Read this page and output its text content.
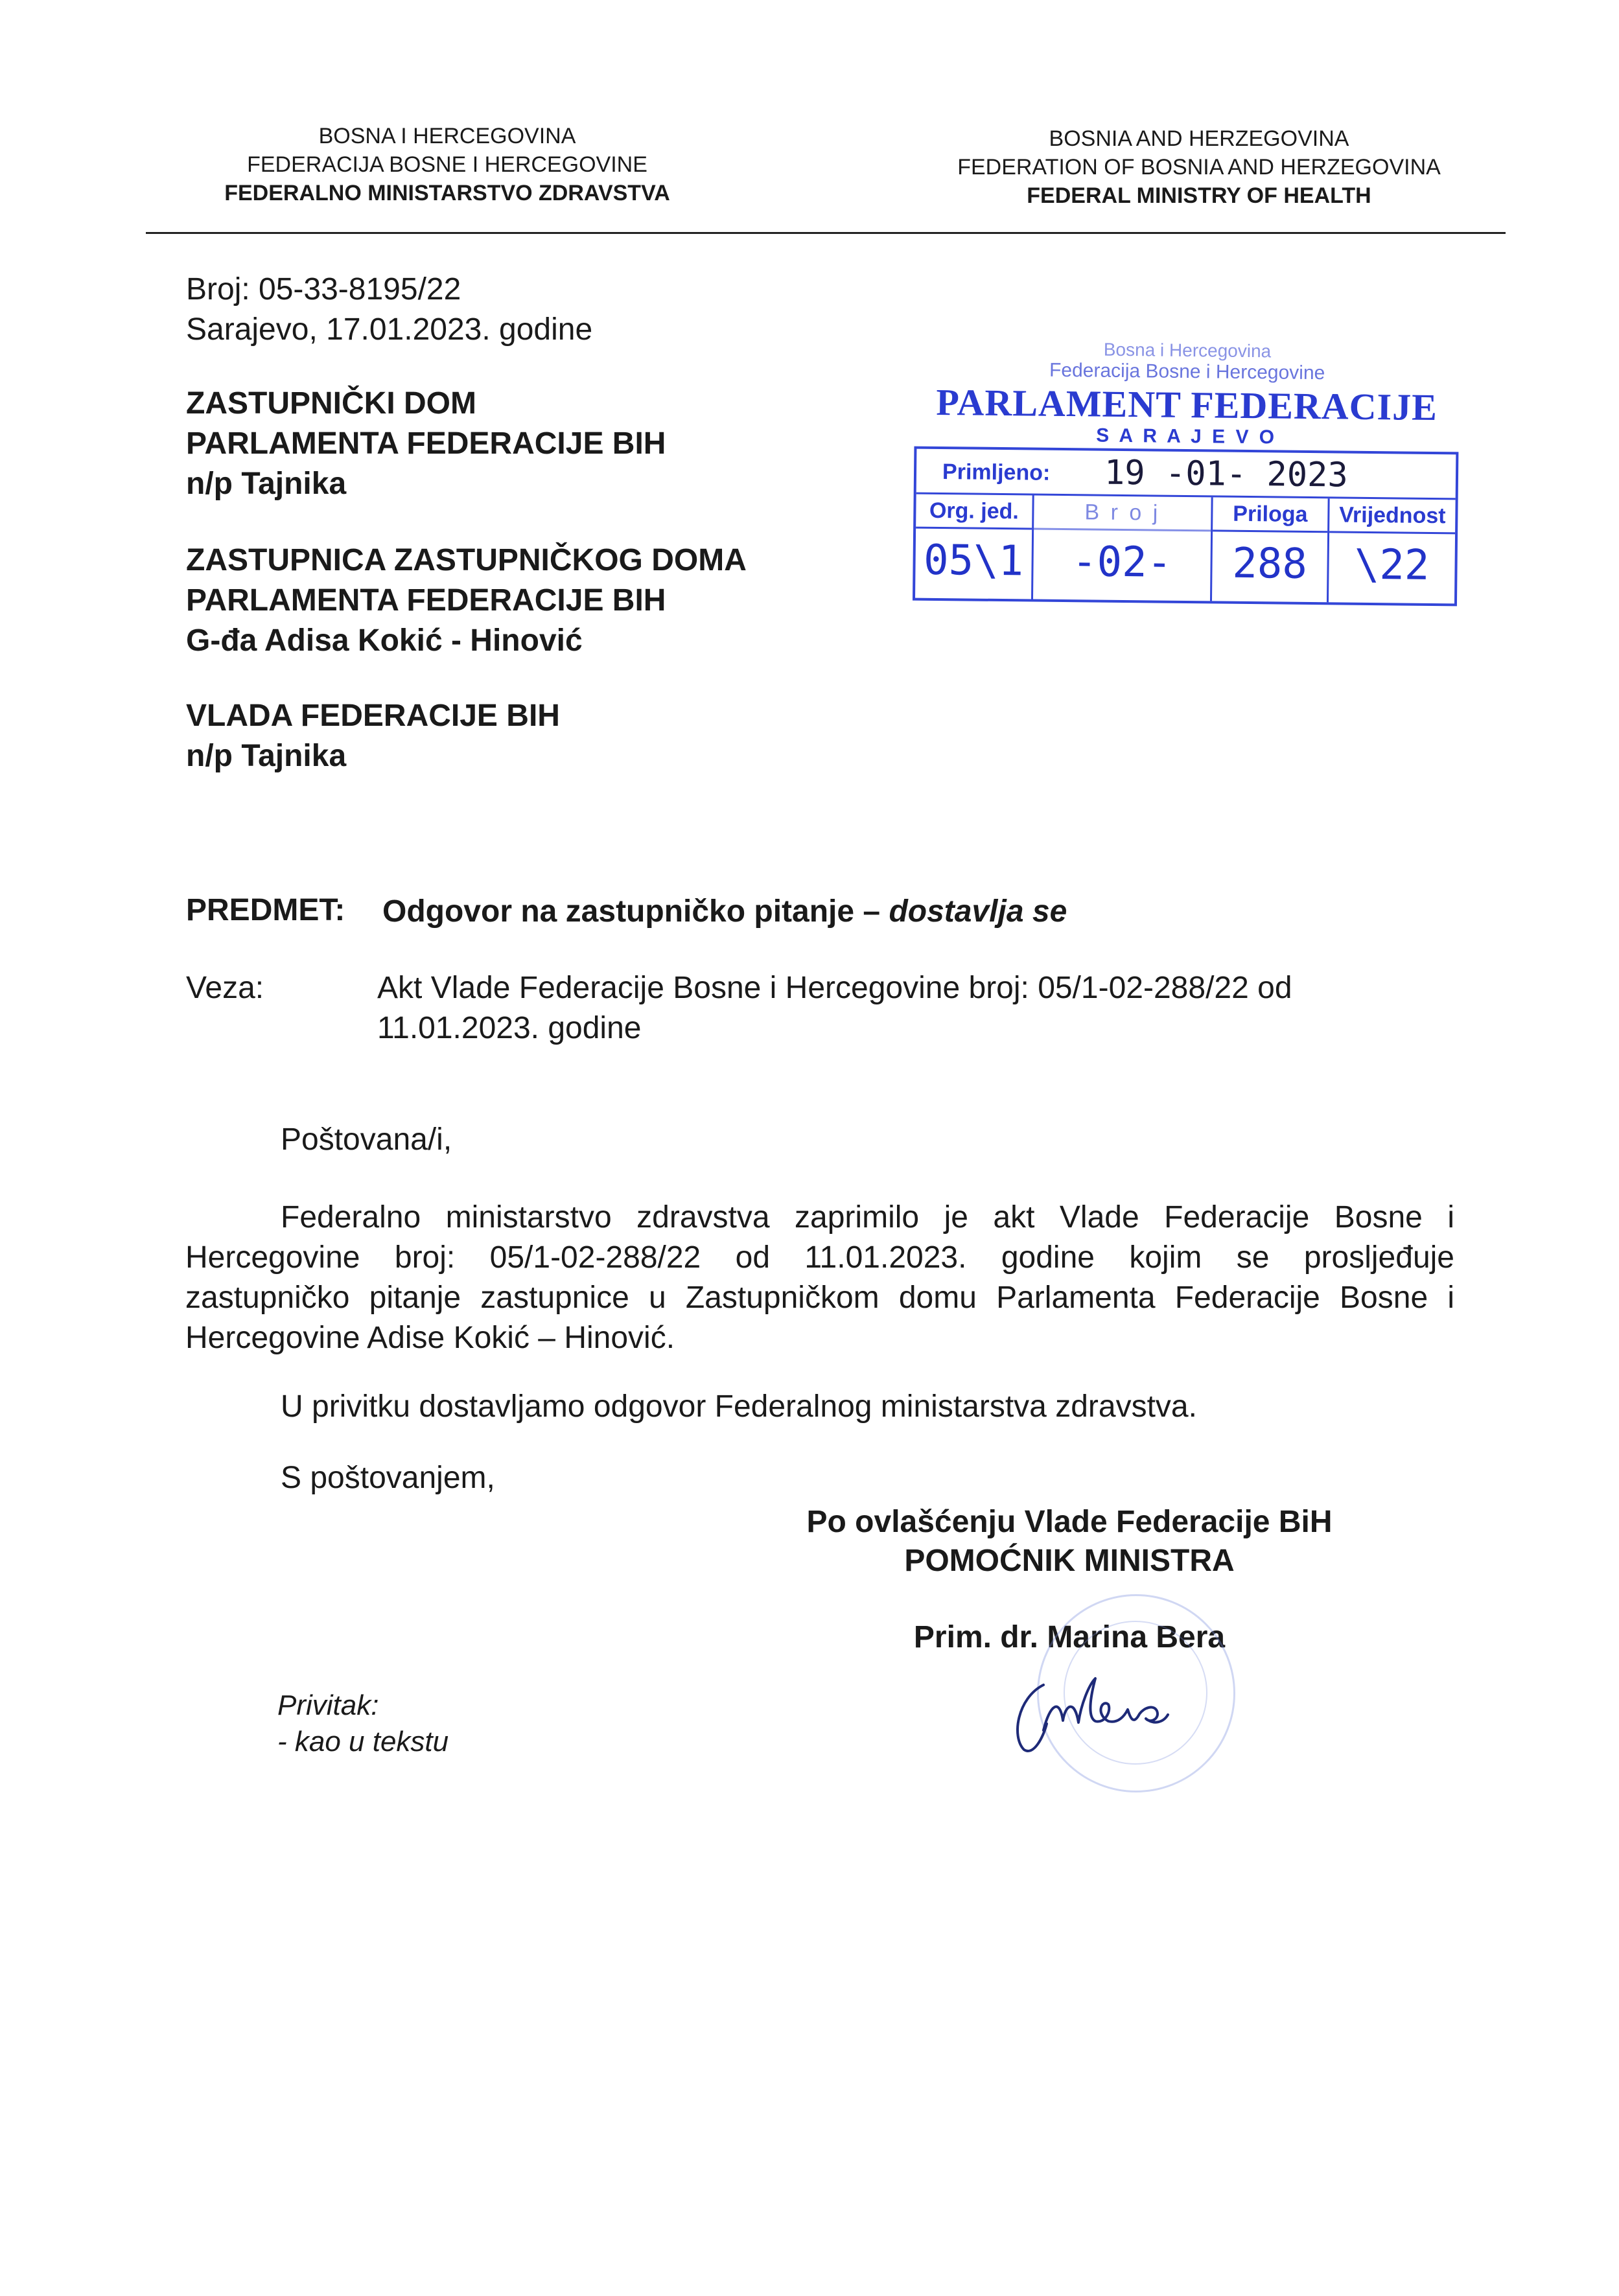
BOSNA I HERCEGOVINA
FEDERACIJA BOSNE I HERCEGOVINE
FEDERALNO MINISTARSTVO ZDRAVSTVA
BOSNIA AND HERZEGOVINA
FEDERATION OF BOSNIA AND HERZEGOVINA
FEDERAL MINISTRY OF HEALTH
Broj: 05-33-8195/22
Sarajevo, 17.01.2023. godine
ZASTUPNIČKI DOM
PARLAMENTA FEDERACIJE BIH
n/p Tajnika
ZASTUPNICA ZASTUPNIČKOG DOMA
PARLAMENTA FEDERACIJE BIH
G-đa Adisa Kokić - Hinović
VLADA FEDERACIJE BIH
n/p Tajnika
Bosna i Hercegovina
Federacija Bosne i Hercegovine
PARLAMENT FEDERACIJE
S A R A J E V O
Primljeno: 19 -01- 2023
Org. jed.
05\1
B r o j
-02-
Priloga
288
Vrijednost
\22
PREDMET: Odgovor na zastupničko pitanje – dostavlja se
Veza:	Akt Vlade Federacije Bosne i Hercegovine broj: 05/1-02-288/22 od
11.01.2023. godine
Poštovana/i,
Federalno ministarstvo zdravstva zaprimilo je akt Vlade Federacije Bosne i
Hercegovine broj: 05/1-02-288/22 od 11.01.2023. godine kojim se prosljeđuje
zastupničko pitanje zastupnice u Zastupničkom domu Parlamenta Federacije Bosne i
Hercegovine Adise Kokić – Hinović.
U privitku dostavljamo odgovor Federalnog ministarstva zdravstva.
S poštovanjem,
Po ovlašćenju Vlade Federacije BiH
POMOĆNIK MINISTRA
Prim. dr. Marina Bera
Privitak:
- kao u tekstu
